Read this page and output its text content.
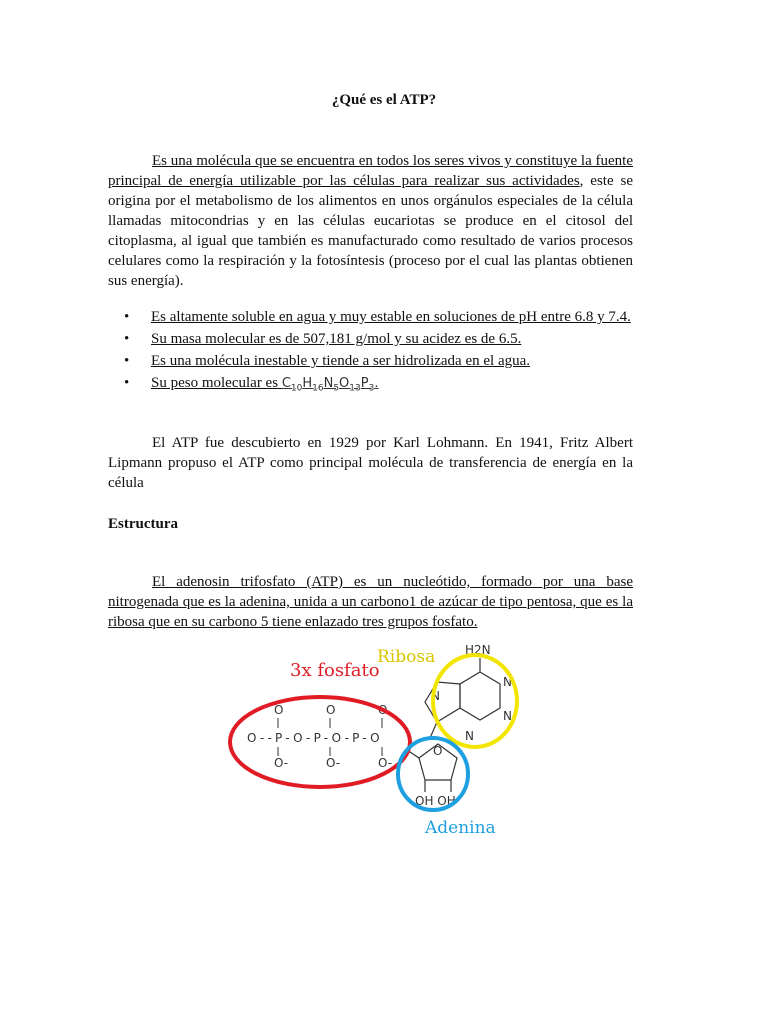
¿Qué es el ATP?
Es una molécula que se encuentra en todos los seres vivos y constituye la fuente principal de energía utilizable por las células para realizar sus actividades, este se origina por el metabolismo de los alimentos en unos orgánulos especiales de la célula llamadas mitocondrias y en las células eucariotas se produce en el citosol del citoplasma, al igual que también es manufacturado como resultado de varios procesos celulares como la respiración y la fotosíntesis (proceso por el cual las plantas obtienen sus energía).
• Es altamente soluble en agua y muy estable en soluciones de pH entre 6.8 y 7.4.
• Su masa molecular es de 507,181 g/mol y su acidez es de 6.5.
• Es una molécula inestable y tiende a ser hidrolizada en el agua.
• Su peso molecular es $C_{10}H_{16}N_5O_{13}P_3$.
El ATP fue descubierto en 1929 por Karl Lohmann. En 1941, Fritz Albert Lipmann propuso el ATP como principal molécula de transferencia de energía en la célula
Estructura
El adenosin trifosfato (ATP) es un nucleótido, formado por una base nitrogenada que es la adenina, unida a un carbono1 de azúcar de tipo pentosa, que es la ribosa que en su carbono 5 tiene enlazado tres grupos fosfato.
3x fosfato
Ribosa
Adenina
O	O	O
O--P-O-P-O-P-O
O-	O-	O-
H2N
N
N
N
N
O
OH OH
